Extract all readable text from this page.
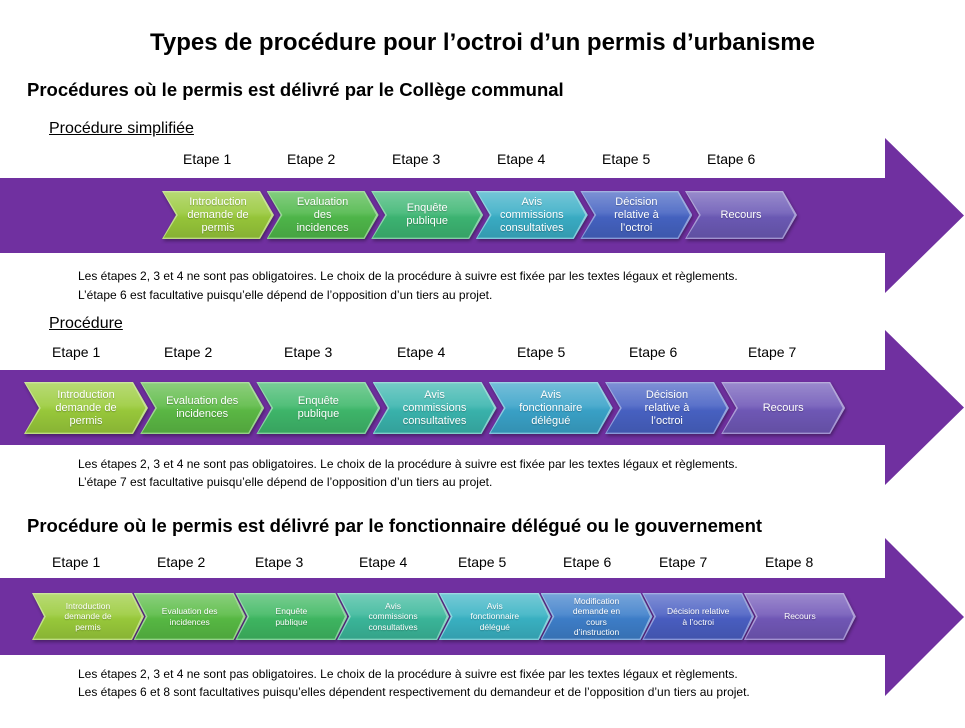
Types de procédure pour l’octroi d’un permis d’urbanisme
Procédures où le permis est délivré par le Collège communal
Procédure simplifiée
Les étapes 2, 3 et 4 ne sont pas obligatoires. Le choix de la procédure à suivre est fixée par les textes légaux et règlements.
L’étape 6 est facultative puisqu’elle dépend de l’opposition d’un tiers au projet.
Procédure
Les étapes 2, 3 et 4 ne sont pas obligatoires. Le choix de la procédure à suivre est fixée par les textes légaux et règlements.
L’étape 7 est facultative puisqu’elle dépend de l’opposition d’un tiers au projet.
Procédure où le permis est délivré par le fonctionnaire délégué ou le gouvernement
Les étapes 2, 3 et 4 ne sont pas obligatoires. Le choix de la procédure à suivre est fixée par les textes légaux et règlements.
Les étapes 6 et 8 sont facultatives puisqu’elles dépendent respectivement du demandeur et de l’opposition d’un tiers au projet.
Etape 1
Introduction
demande de
permis
Etape 2
Evaluation
des
incidences
Etape 3
Enquête
publique
Etape 4
Avis
commissions
consultatives
Etape 5
Décision
relative à
l’octroi
Etape 6
Recours
Etape 1
Introduction
demande de
permis
Etape 2
Evaluation des
incidences
Etape 3
Enquête
publique
Etape 4
Avis
commissions
consultatives
Etape 5
Avis
fonctionnaire
délégué
Etape 6
Décision
relative à
l’octroi
Etape 7
Recours
Etape 1
Introduction
demande de
permis
Etape 2
Evaluation des
incidences
Etape 3
Enquête
publique
Etape 4
Avis
commissions
consultatives
Etape 5
Avis
fonctionnaire
délégué
Etape 6
Modification
demande en
cours
d’instruction
Etape 7
Décision relative
à l’octroi
Etape 8
Recours
